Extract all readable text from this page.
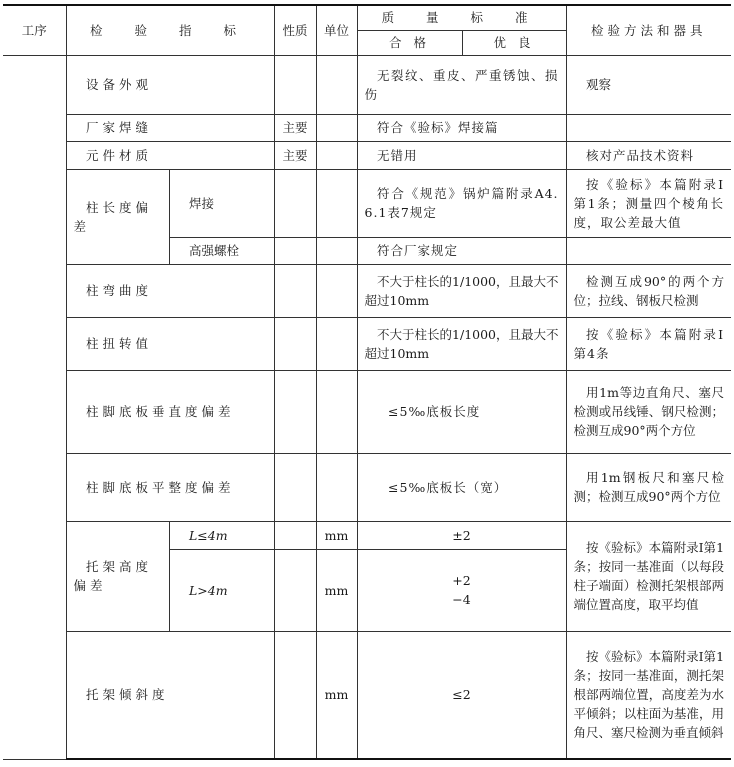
工序	检 验 指 标		性质	单位	质 量 标 准		检验方法和器具
					合 格	优 良	
	设备外观				无裂纹、重皮、严重锈蚀、损伤		观察
	厂家焊缝		主要		符合《验标》焊接篇		
	元件材质		主要		无错用		核对产品技术资料
	柱长度偏差	焊接			符合《规范》锅炉篇附录A4.6.1表7规定		按《验标》本篇附录Ⅰ第1条；测量四个棱角长度，取公差最大值
		高强螺栓			符合厂家规定		
	柱弯曲度				不大于柱长的1/1000，且最大不超过10mm		检测互成90°的两个方位；拉线、钢板尺检测
	柱扭转值				不大于柱长的1/1000，且最大不超过10mm		按《验标》本篇附录Ⅰ第4条
	柱脚底板垂直度偏差				≤5‰底板长度		用1m等边直角尺、塞尺检测或吊线锤、钢尺检测；检测互成90°两个方位
	柱脚底板平整度偏差				≤5‰底板长（宽）		用1m钢板尺和塞尺检测；检测互成90°两个方位
	托架高度偏差	L≤4m		mm	±2		按《验标》本篇附录Ⅰ第1条；按同一基准面（以每段柱子端面）检测托架根部两端位置高度，取平均值
		L>4m		mm	+2
−4		

	托架倾斜度			mm	≤2		按《验标》本篇附录Ⅰ第1条；按同一基准面，测托架根部两端位置，高度差为水平倾斜；以柱面为基准，用角尺、塞尺检测为垂直倾斜
